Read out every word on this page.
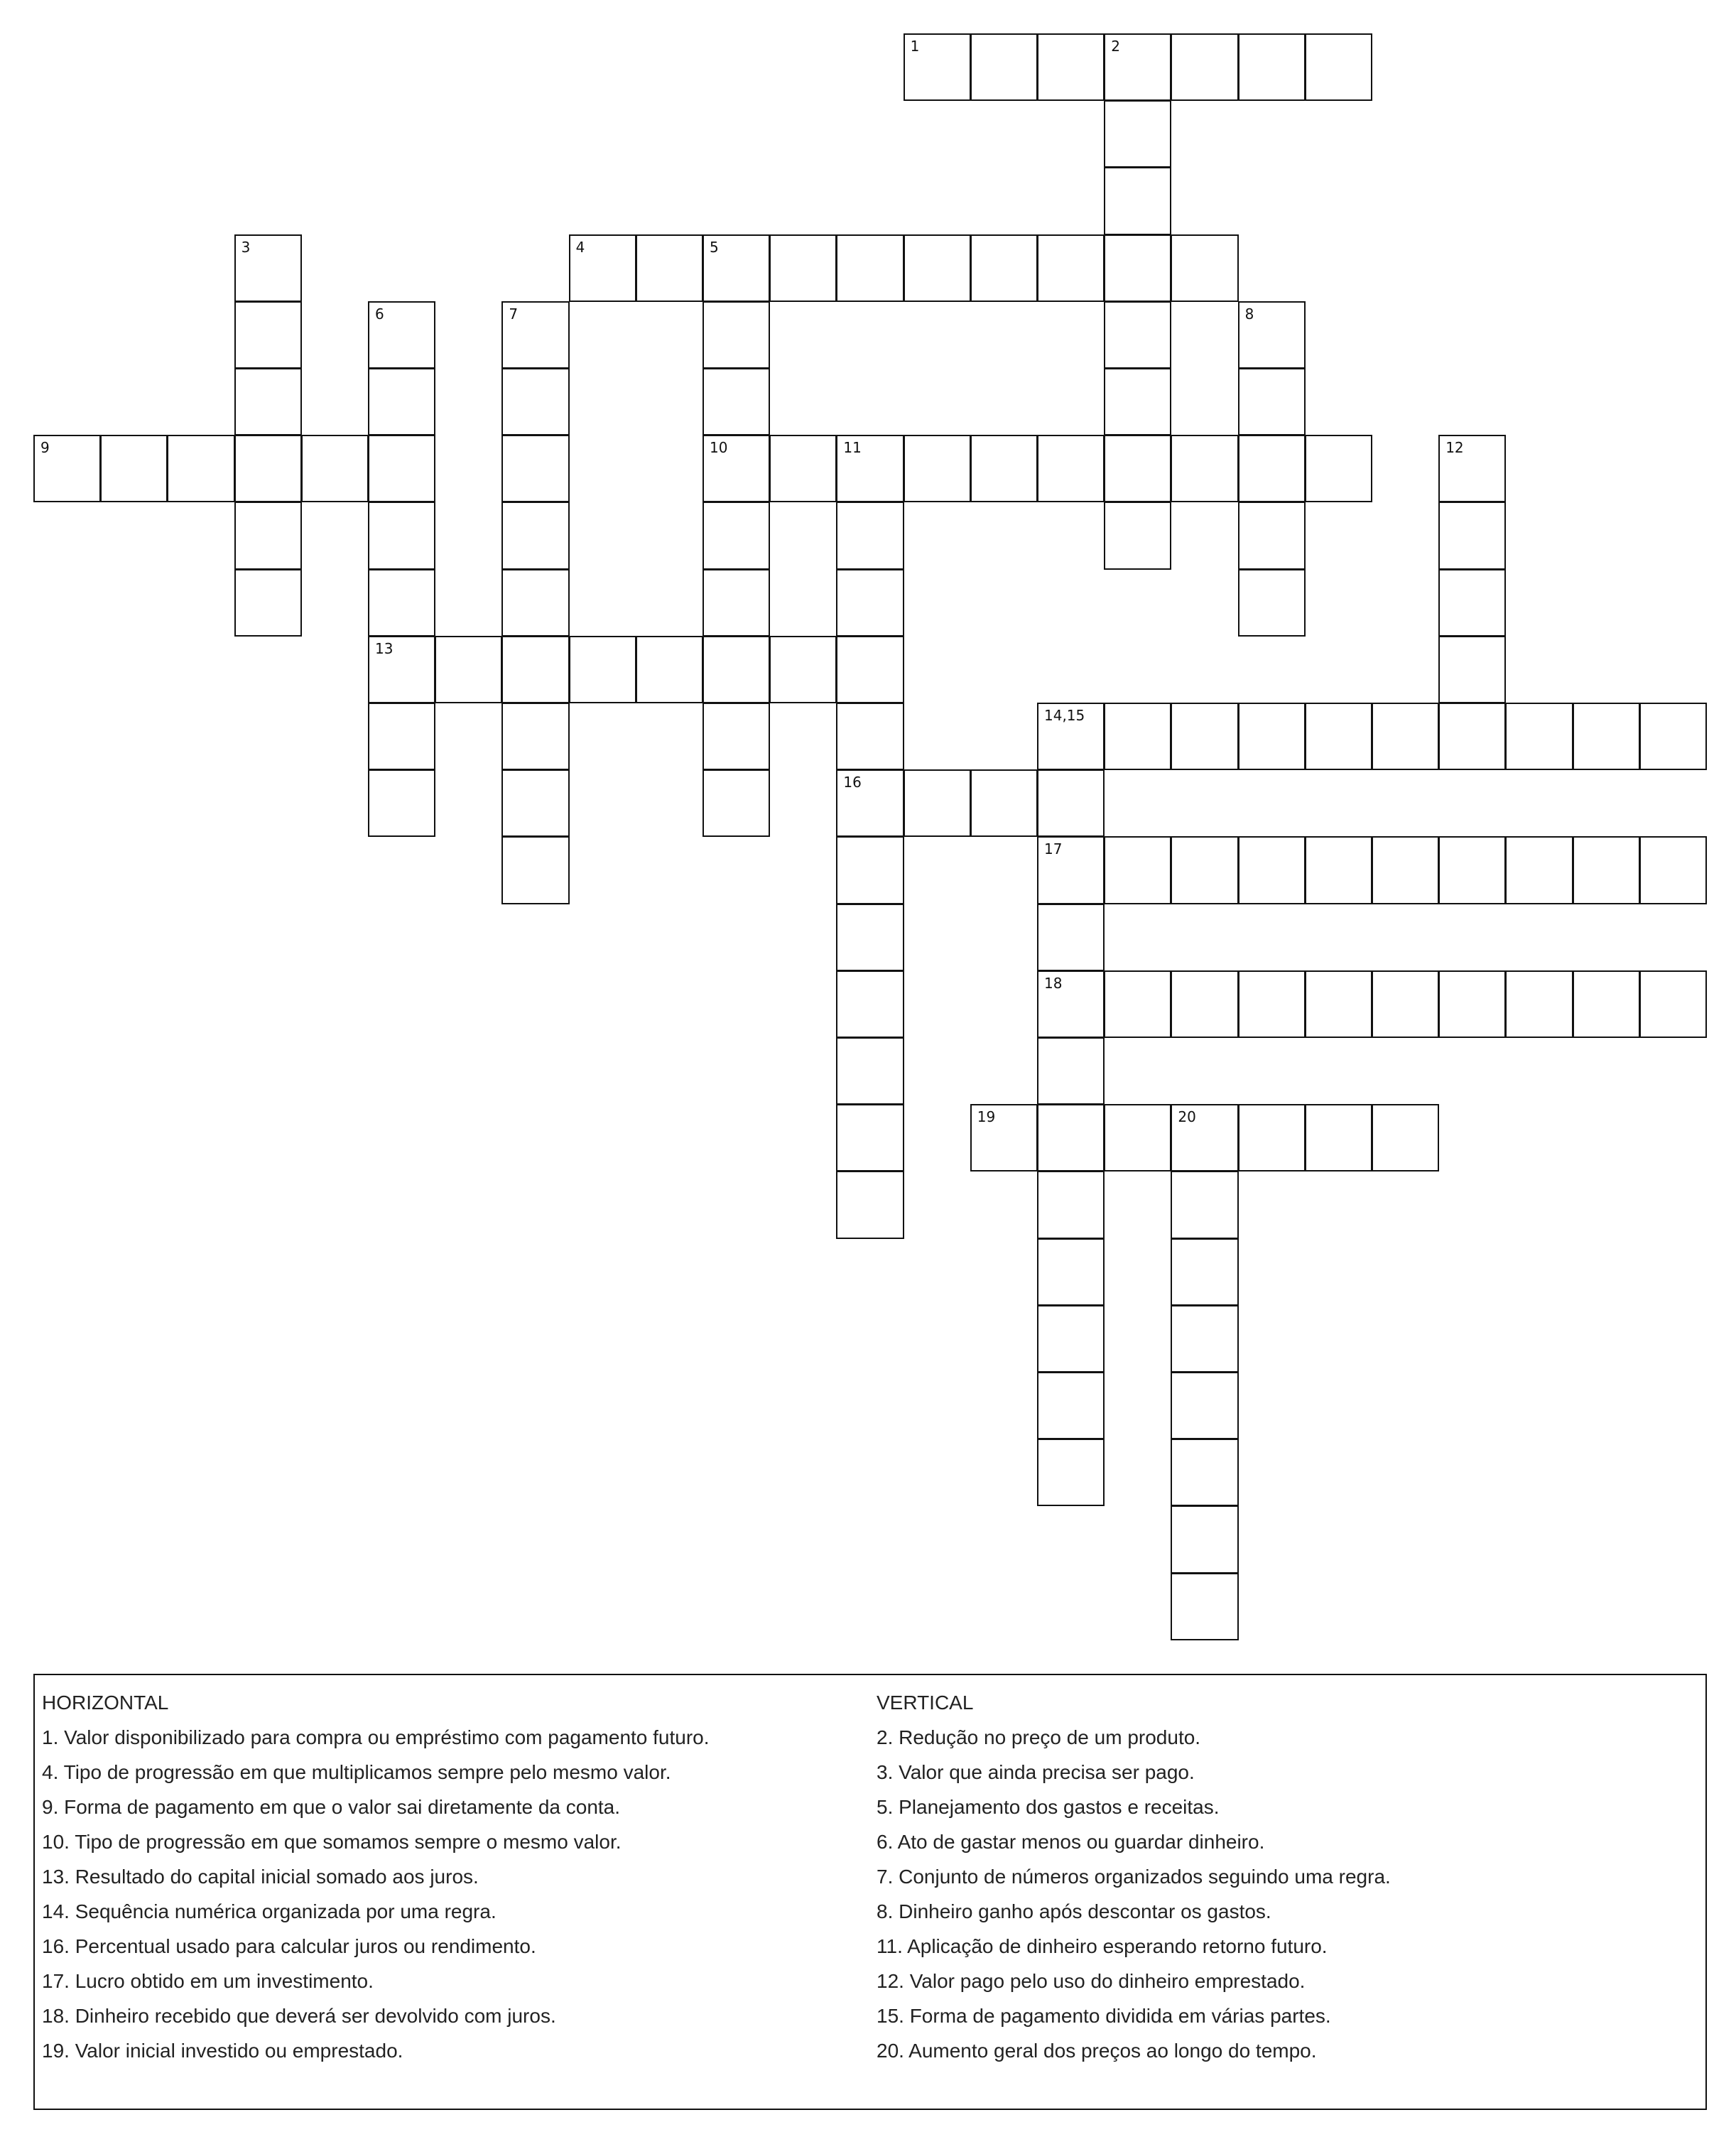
1	2
3	4	5
10
6
13
7	8
9	11
16
12
14,15
17
18
19	20
HORIZONTAL
1. Valor disponibilizado para compra ou empréstimo com pagamento futuro.
4. Tipo de progressão em que multiplicamos sempre pelo mesmo valor.
9. Forma de pagamento em que o valor sai diretamente da conta.
10. Tipo de progressão em que somamos sempre o mesmo valor.
13. Resultado do capital inicial somado aos juros.
14. Sequência numérica organizada por uma regra.
16. Percentual usado para calcular juros ou rendimento.
17. Lucro obtido em um investimento.
18. Dinheiro recebido que deverá ser devolvido com juros.
19. Valor inicial investido ou emprestado.
VERTICAL
2. Redução no preço de um produto.
3. Valor que ainda precisa ser pago.
5. Planejamento dos gastos e receitas.
6. Ato de gastar menos ou guardar dinheiro.
7. Conjunto de números organizados seguindo uma regra.
8. Dinheiro ganho após descontar os gastos.
11. Aplicação de dinheiro esperando retorno futuro.
12. Valor pago pelo uso do dinheiro emprestado.
15. Forma de pagamento dividida em várias partes.
20. Aumento geral dos preços ao longo do tempo.
